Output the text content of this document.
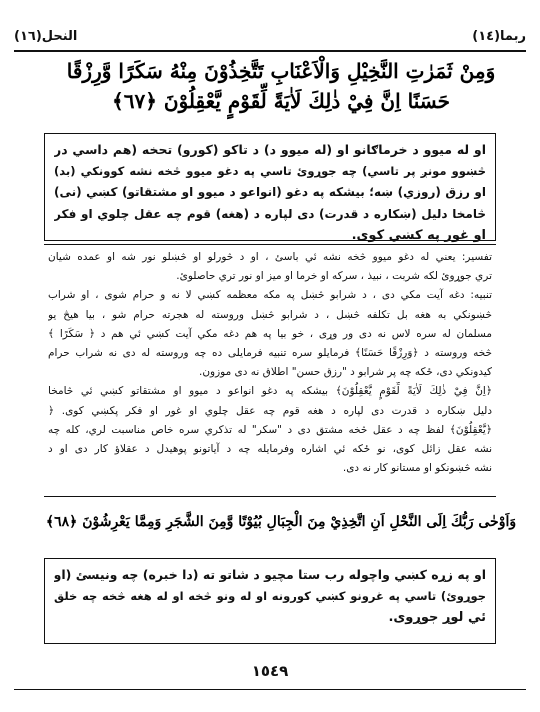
ربما(١٤)
النحل(١٦)
وَمِنْ ثَمَرٰتِ النَّخِيْلِ وَالْاَعْنَابِ تَتَّخِذُوْنَ مِنْهُ سَكَرًا وَّرِزْقًا
حَسَنًا اِنَّ فِيْ ذٰلِكَ لَاٰيَةً لِّقَوْمٍ يَّعْقِلُوْنَ ﴿٦٧﴾
او له ميوو د خرماګانو او (له ميوو د) د تاکو (کورو) تحخه (هم داسي در
څښوو مونږ پر تاسي) چه جوړوئ تاسي په دغو ميوو څخه نشه کوونکي (بد)
او رزق (روزي) ښه؛ بيشکه په دغو (انواعو د ميوو او مشتقاتو) کښي (نی)
څامخا دليل (ښکاره د قدرت) دی لپاره د (هغه) قوم چه عقل چلوي او فکر
او غور په کښي کوی.
تفسير: يعني له دغو ميوو څخه نشه ئي باسئ ، او د څورلو او څښلو نور شه او عمده شيان
تري جوړوئ لکه شربت ، نبيذ ، سرکه او خرما او ميز او نور تري حاصلوئ.
تنبيه: دغه آيت مکي دی ، د شرابو څښل په مکه معظمه کښي لا نه و حرام شوی ، او شراب
څښونکي به هغه بل تکلفه څښل ، د شرابو څښل وروسته له هجرته حرام شو ، بيا هيڅ يو
مسلمان له سره لاس نه دی ور وړی ، خو بيا په هم دغه مکي آيت کښي ئي هم د ﴿ سَكَرًا ﴾
څخه وروسته د ﴿وَرِزْقًا حَسَنًا﴾ فرمايلو سره تنبيه فرمايلی ده چه وروسته له دی نه شراب حرام
کيدونکي دی، ځکه چه پر شرابو د "رزق حسن" اطلاق نه دی موزون.
﴿اِنَّ فِيْ ذٰلِكَ لَاٰيَةً لِّقَوْمٍ يَّعْقِلُوْنَ﴾ بيشکه په دغو انواعو د ميوو او مشتقاتو کښي ئي څامخا
دليل ښکاره د قدرت دی لپاره د هغه قوم چه عقل چلوي او غور او فکر پکښي کوی. ﴿
﴿يَّعْقِلُوْنَ﴾ لفظ چه د عقل څخه مشتق دی د "سکر" له تذکري سره خاص مناسبت لري، کله چه
نشه عقل زائل کوی، نو ځکه ئي اشاره وفرمايله چه د آياتونو پوهيدل د عقلاؤ کار دی او د
نشه څښونکو او مستانو کار نه دی.
وَاَوْحٰى رَبُّكَ اِلَى النَّحْلِ اَنِ اتَّخِذِيْ مِنَ الْجِبَالِ بُيُوْتًا وَّمِنَ الشَّجَرِ وَمِمَّا يَعْرِشُوْنَ ﴿٦٨﴾
او په زړه کښي واچوله رب ستا مچيو د شاتو ته (دا خبره) چه ونيسئ (او
جوړوئ) تاسي په غرونو کښي کورونه او له ونو څخه او له هغه څخه چه خلق
ئي لوړ جوړوی.
١٥٤٩
